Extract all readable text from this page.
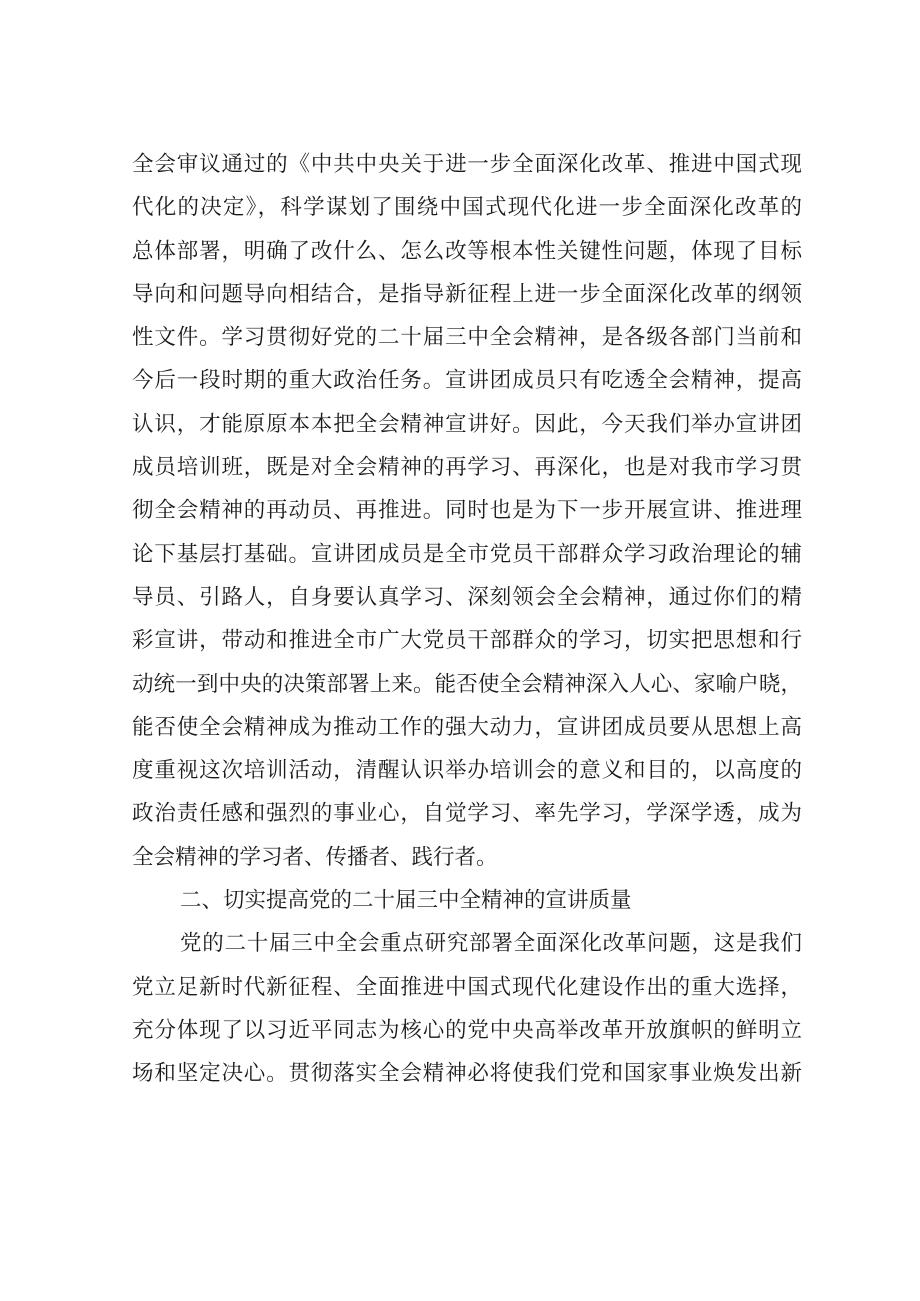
全会审议通过的《中共中央关于进一步全面深化改革、推进中国式现
代化的决定》，科学谋划了围绕中国式现代化进一步全面深化改革的
总体部署，明确了改什么、怎么改等根本性关键性问题，体现了目标
导向和问题导向相结合，是指导新征程上进一步全面深化改革的纲领
性文件。学习贯彻好党的二十届三中全会精神，是各级各部门当前和
今后一段时期的重大政治任务。宣讲团成员只有吃透全会精神，提高
认识，才能原原本本把全会精神宣讲好。因此，今天我们举办宣讲团
成员培训班，既是对全会精神的再学习、再深化，也是对我市学习贯
彻全会精神的再动员、再推进。同时也是为下一步开展宣讲、推进理
论下基层打基础。宣讲团成员是全市党员干部群众学习政治理论的辅
导员、引路人，自身要认真学习、深刻领会全会精神，通过你们的精
彩宣讲，带动和推进全市广大党员干部群众的学习，切实把思想和行
动统一到中央的决策部署上来。能否使全会精神深入人心、家喻户晓，
能否使全会精神成为推动工作的强大动力，宣讲团成员要从思想上高
度重视这次培训活动，清醒认识举办培训会的意义和目的，以高度的
政治责任感和强烈的事业心，自觉学习、率先学习，学深学透，成为
全会精神的学习者、传播者、践行者。
二、切实提高党的二十届三中全精神的宣讲质量
党的二十届三中全会重点研究部署全面深化改革问题，这是我们
党立足新时代新征程、全面推进中国式现代化建设作出的重大选择，
充分体现了以习近平同志为核心的党中央高举改革开放旗帜的鲜明立
场和坚定决心。贯彻落实全会精神必将使我们党和国家事业焕发出新
